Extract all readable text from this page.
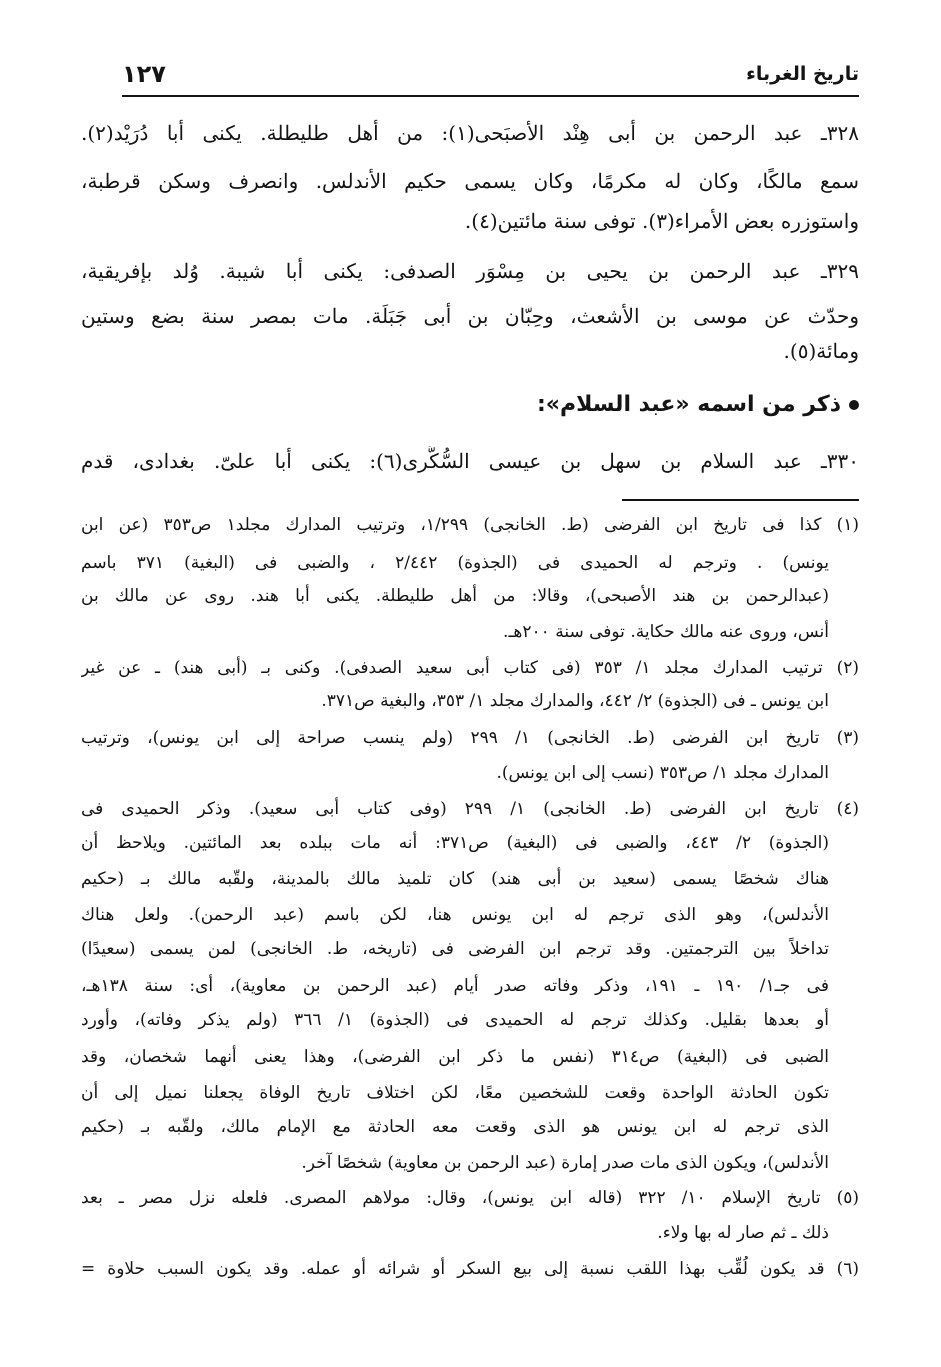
تاريخ الغرباء
١٢٧
٣٢٨ـ عبد الرحمن بن أبى هِنْد الأصبَحى(١): من أهل طليطلة. يكنى أبا دُرَيْد(٢).
سمع مالكًا، وكان له مكرمًا، وكان يسمى حكيم الأندلس. وانصرف وسكن قرطبة،
واستوزره بعض الأمراء(٣). توفى سنة مائتين(٤).
٣٢٩ـ عبد الرحمن بن يحيى بن مِسْوَر الصدفى: يكنى أبا شيبة. وُلد بإفريقية،
وحدّث عن موسى بن الأشعث، وحِبّان بن أبى جَبَلَة. مات بمصر سنة بضع وستين
ومائة(٥).
ذكر من اسمه «عبد السلام»:
٣٣٠ـ عبد السلام بن سهل بن عيسى السُّكَّرى(٦): يكنى أبا علىّ. بغدادى، قدم
(١) كذا فى تاريخ ابن الفرضى (ط. الخانجى) ١/٢٩٩، وترتيب المدارك مجلد١ ص٣٥٣ (عن ابن
يونس) . وترجم له الحميدى فى (الجذوة) ٢/٤٤٢ ، والضبى فى (البغية) ٣٧١ باسم
(عبدالرحمن بن هند الأصبحى)، وقالا: من أهل طليطلة. يكنى أبا هند. روى عن مالك بن
أنس، وروى عنه مالك حكاية. توفى سنة ٢٠٠هـ.
(٢) ترتيب المدارك مجلد ١/ ٣٥٣ (فى كتاب أبى سعيد الصدفى). وكنى بـ (أبى هند) ـ عن غير
ابن يونس ـ فى (الجذوة) ٢/ ٤٤٢، والمدارك مجلد ١/ ٣٥٣، والبغية ص٣٧١.
(٣) تاريخ ابن الفرضى (ط. الخانجى) ١/ ٢٩٩ (ولم ينسب صراحة إلى ابن يونس)، وترتيب
المدارك مجلد ١/ ص٣٥٣ (نسب إلى ابن يونس).
(٤) تاريخ ابن الفرضى (ط. الخانجى) ١/ ٢٩٩ (وفى كتاب أبى سعيد). وذكر الحميدى فى
(الجذوة) ٢/ ٤٤٣، والضبى فى (البغية) ص٣٧١: أنه مات ببلده بعد المائتين. ويلاحظ أن
هناك شخصًا يسمى (سعيد بن أبى هند) كان تلميذ مالك بالمدينة، ولقّبه مالك بـ (حكيم
الأندلس)، وهو الذى ترجم له ابن يونس هنا، لكن باسم (عبد الرحمن). ولعل هناك
تداخلاً بين الترجمتين. وقد ترجم ابن الفرضى فى (تاريخه، ط. الخانجى) لمن يسمى (سعيدًا)
فى جـ١/ ١٩٠ ـ ١٩١، وذكر وفاته صدر أيام (عبد الرحمن بن معاوية)، أى: سنة ١٣٨هـ،
أو بعدها بقليل. وكذلك ترجم له الحميدى فى (الجذوة) ١/ ٣٦٦ (ولم يذكر وفاته)، وأورد
الضبى فى (البغية) ص٣١٤ (نفس ما ذكر ابن الفرضى)، وهذا يعنى أنهما شخصان، وقد
تكون الحادثة الواحدة وقعت للشخصين معًا، لكن اختلاف تاريخ الوفاة يجعلنا نميل إلى أن
الذى ترجم له ابن يونس هو الذى وقعت معه الحادثة مع الإمام مالك، ولقّبه بـ (حكيم
الأندلس)، ويكون الذى مات صدر إمارة (عبد الرحمن بن معاوية) شخصًا آخر.
(٥) تاريخ الإسلام ١٠/ ٣٢٢ (قاله ابن يونس)، وقال: مولاهم المصرى. فلعله نزل مصر ـ بعد
ذلك ـ ثم صار له بها ولاء.
(٦) قد يكون لُقِّب بهذا اللقب نسبة إلى بيع السكر أو شرائه أو عمله. وقد يكون السبب حلاوة =
